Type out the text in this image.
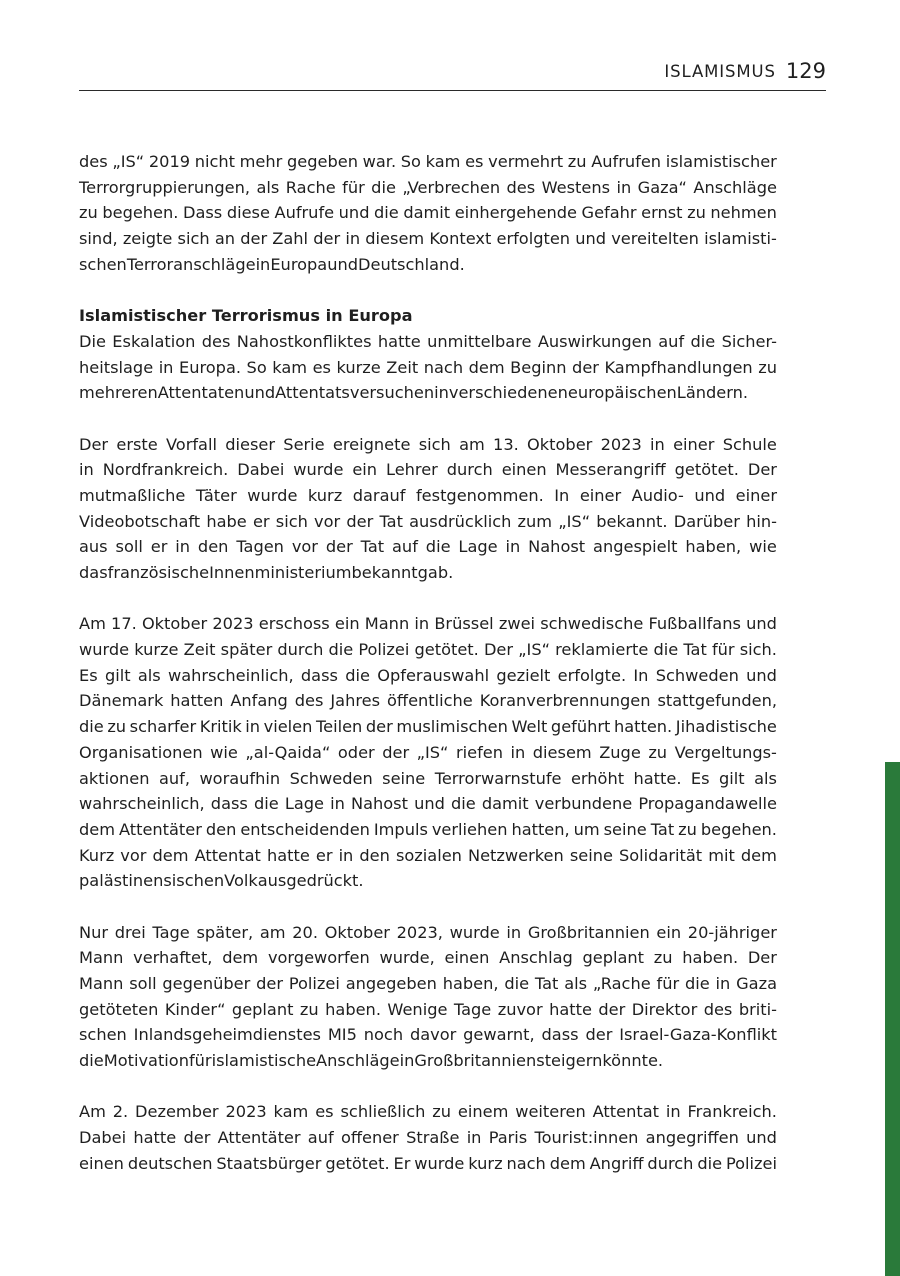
ISLAMISMUS 129
des „IS“ 2019 nicht mehr gegeben war. So kam es vermehrt zu Aufrufen islamistischer
Terrorgruppierungen, als Rache für die „Verbrechen des Westens in Gaza“ Anschläge
zu begehen. Dass diese Aufrufe und die damit einhergehende Gefahr ernst zu nehmen
sind, zeigte sich an der Zahl der in diesem Kontext erfolgten und vereitelten islamisti-
schen Terroranschläge in Europa und Deutschland.
Islamistischer Terrorismus in Europa
Die Eskalation des Nahostkonfliktes hatte unmittelbare Auswirkungen auf die Sicher-
heitslage in Europa. So kam es kurze Zeit nach dem Beginn der Kampfhandlungen zu
mehreren Attentaten und Attentatsversuchen in verschiedenen europäischen Ländern.
Der erste Vorfall dieser Serie ereignete sich am 13. Oktober 2023 in einer Schule
in Nordfrankreich. Dabei wurde ein Lehrer durch einen Messerangriff getötet. Der
mutmaßliche Täter wurde kurz darauf festgenommen. In einer Audio- und einer
Videobotschaft habe er sich vor der Tat ausdrücklich zum „IS“ bekannt. Darüber hin-
aus soll er in den Tagen vor der Tat auf die Lage in Nahost angespielt haben, wie
das französische Innenministerium bekannt gab.
Am 17. Oktober 2023 erschoss ein Mann in Brüssel zwei schwedische Fußballfans und
wurde kurze Zeit später durch die Polizei getötet. Der „IS“ reklamierte die Tat für sich.
Es gilt als wahrscheinlich, dass die Opferauswahl gezielt erfolgte. In Schweden und
Dänemark hatten Anfang des Jahres öffentliche Koranverbrennungen stattgefunden,
die zu scharfer Kritik in vielen Teilen der muslimischen Welt geführt hatten. Jihadistische
Organisationen wie „al-Qaida“ oder der „IS“ riefen in diesem Zuge zu Vergeltungs-
aktionen auf, woraufhin Schweden seine Terrorwarnstufe erhöht hatte. Es gilt als
wahrscheinlich, dass die Lage in Nahost und die damit verbundene Propagandawelle
dem Attentäter den entscheidenden Impuls verliehen hatten, um seine Tat zu begehen.
Kurz vor dem Attentat hatte er in den sozialen Netzwerken seine Solidarität mit dem
palästinensischen Volk ausgedrückt.
Nur drei Tage später, am 20. Oktober 2023, wurde in Großbritannien ein 20-jähriger
Mann verhaftet, dem vorgeworfen wurde, einen Anschlag geplant zu haben. Der
Mann soll gegenüber der Polizei angegeben haben, die Tat als „Rache für die in Gaza
getöteten Kinder“ geplant zu haben. Wenige Tage zuvor hatte der Direktor des briti-
schen Inlandsgeheimdienstes MI5 noch davor gewarnt, dass der Israel-Gaza-Konflikt
die Motivation für islamistische Anschläge in Großbritannien steigern könnte.
Am 2. Dezember 2023 kam es schließlich zu einem weiteren Attentat in Frankreich.
Dabei hatte der Attentäter auf offener Straße in Paris Tourist:innen angegriffen und
einen deutschen Staatsbürger getötet. Er wurde kurz nach dem Angriff durch die Polizei
